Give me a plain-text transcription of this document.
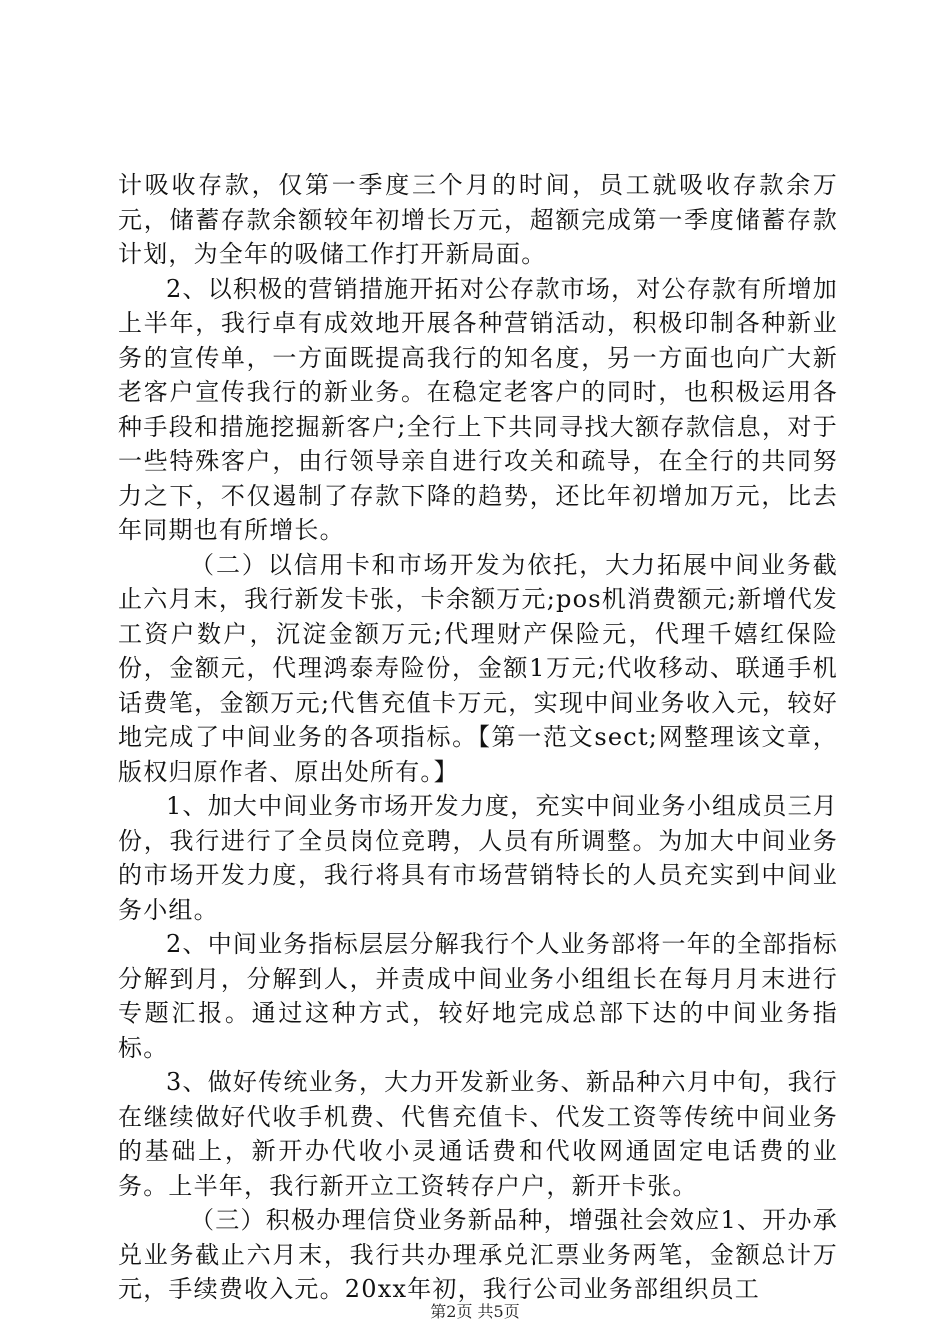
计吸收存款，仅第一季度三个月的时间，员工就吸收存款余万元，储蓄存款余额较年初增长万元，超额完成第一季度储蓄存款计划，为全年的吸储工作打开新局面。

2、以积极的营销措施开拓对公存款市场，对公存款有所增加上半年，我行卓有成效地开展各种营销活动，积极印制各种新业务的宣传单，一方面既提高我行的知名度，另一方面也向广大新老客户宣传我行的新业务。在稳定老客户的同时，也积极运用各种手段和措施挖掘新客户;全行上下共同寻找大额存款信息，对于一些特殊客户，由行领导亲自进行攻关和疏导，在全行的共同努力之下，不仅遏制了存款下降的趋势，还比年初增加万元，比去年同期也有所增长。

（二）以信用卡和市场开发为依托，大力拓展中间业务截止六月末，我行新发卡张，卡余额万元;pos机消费额元;新增代发工资户数户，沉淀金额万元;代理财产保险元，代理千嬉红保险份，金额元，代理鸿泰寿险份，金额1万元;代收移动、联通手机话费笔，金额万元;代售充值卡万元，实现中间业务收入元，较好地完成了中间业务的各项指标。【第一范文sect;网整理该文章，版权归原作者、原出处所有。】

1、加大中间业务市场开发力度，充实中间业务小组成员三月份，我行进行了全员岗位竞聘，人员有所调整。为加大中间业务的市场开发力度，我行将具有市场营销特长的人员充实到中间业务小组。

2、中间业务指标层层分解我行个人业务部将一年的全部指标分解到月，分解到人，并责成中间业务小组组长在每月月末进行专题汇报。通过这种方式，较好地完成总部下达的中间业务指标。

3、做好传统业务，大力开发新业务、新品种六月中旬，我行在继续做好代收手机费、代售充值卡、代发工资等传统中间业务的基础上，新开办代收小灵通话费和代收网通固定电话费的业务。上半年，我行新开立工资转存户户，新开卡张。

（三）积极办理信贷业务新品种，增强社会效应1、开办承兑业务截止六月末，我行共办理承兑汇票业务两笔，金额总计万元，手续费收入元。20xx年初，我行公司业务部组织员工

第2页 共5页
